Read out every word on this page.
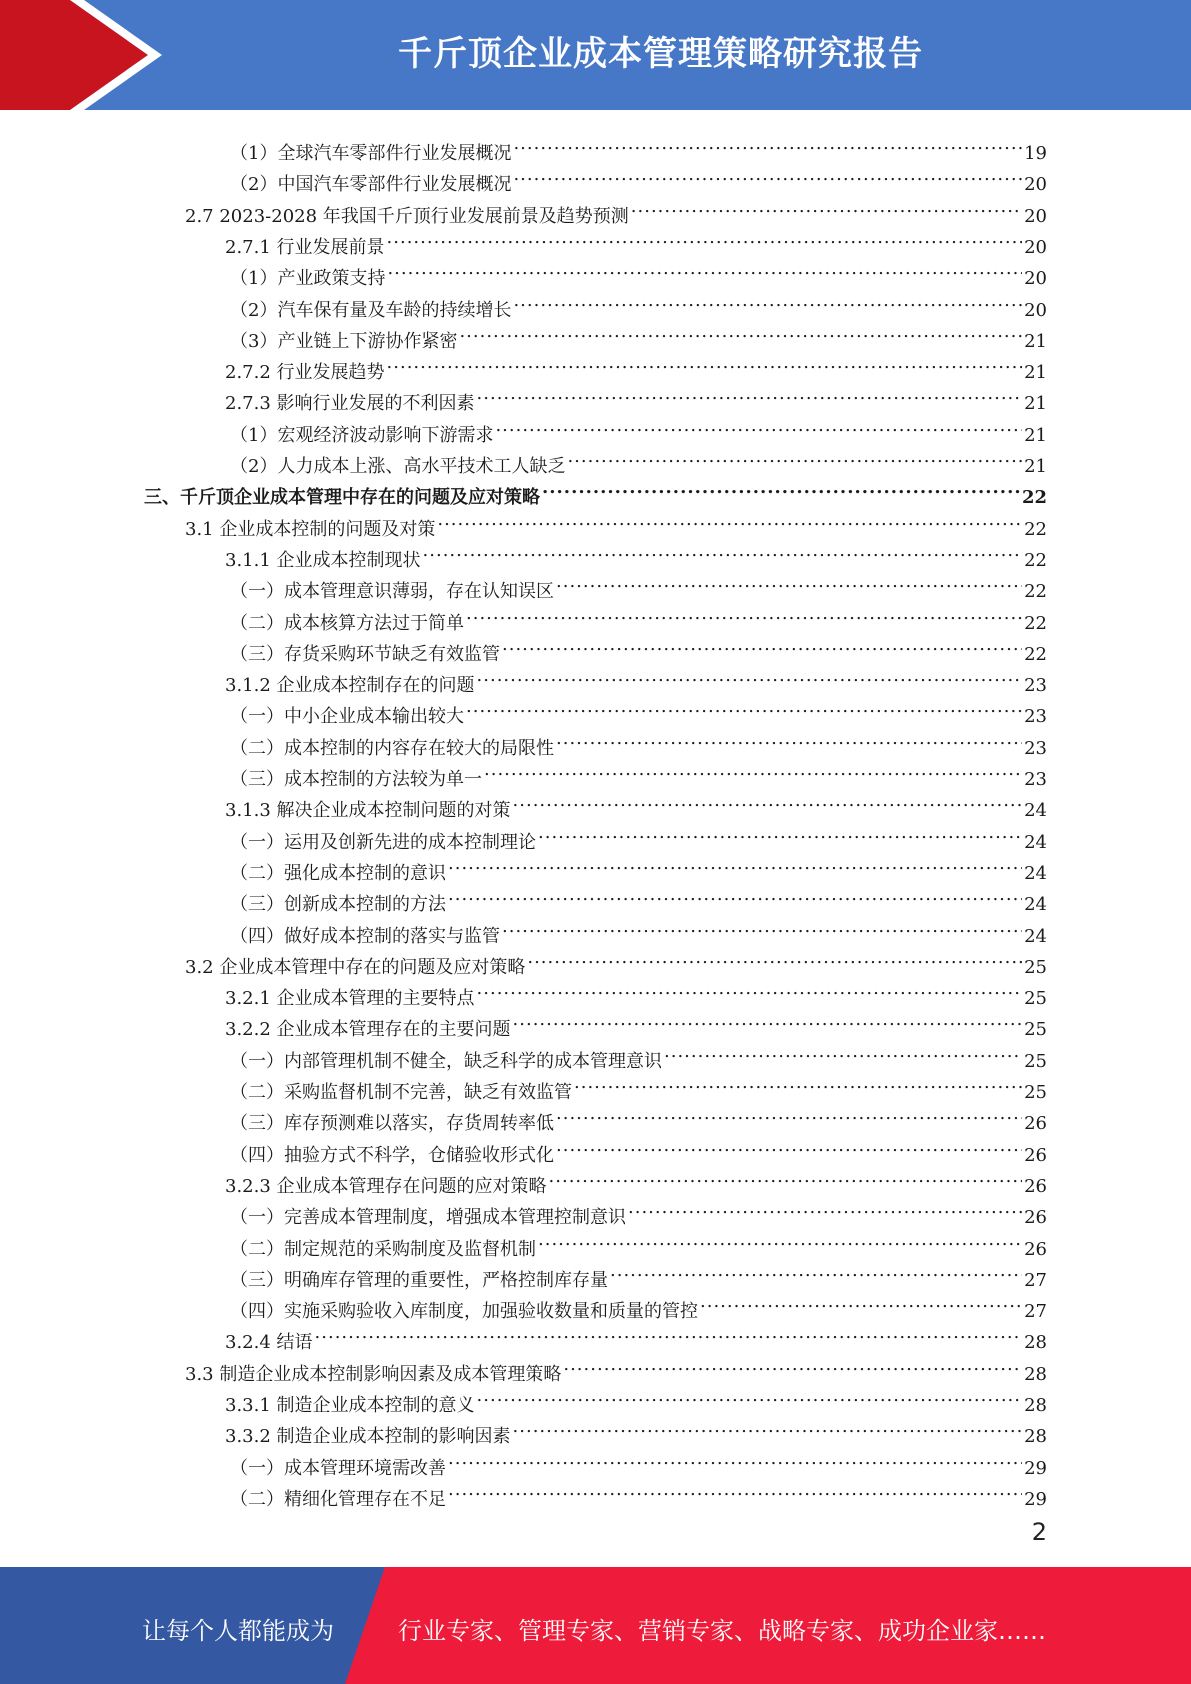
千斤顶企业成本管理策略研究报告
（1）全球汽车零部件行业发展概况 .....	19
（2）中国汽车零部件行业发展概况 .....	20
2.7 2023-2028 年我国千斤顶行业发展前景及趋势预测 .....	20
2.7.1 行业发展前景 .....	20
（1）产业政策支持 .....	20
（2）汽车保有量及车龄的持续增长 .....	20
（3）产业链上下游协作紧密 .....	21
2.7.2 行业发展趋势 .....	21
2.7.3 影响行业发展的不利因素 .....	21
（1）宏观经济波动影响下游需求 .....	21
（2）人力成本上涨、高水平技术工人缺乏 .....	21
三、千斤顶企业成本管理中存在的问题及应对策略 .....	22
3.1 企业成本控制的问题及对策 .....	22
3.1.1 企业成本控制现状 .....	22
（一）成本管理意识薄弱，存在认知误区 .....	22
（二）成本核算方法过于简单 .....	22
（三）存货采购环节缺乏有效监管 .....	22
3.1.2 企业成本控制存在的问题 .....	23
（一）中小企业成本输出较大 .....	23
（二）成本控制的内容存在较大的局限性 .....	23
（三）成本控制的方法较为单一 .....	23
3.1.3 解决企业成本控制问题的对策 .....	24
（一）运用及创新先进的成本控制理论 .....	24
（二）强化成本控制的意识 .....	24
（三）创新成本控制的方法 .....	24
（四）做好成本控制的落实与监管 .....	24
3.2 企业成本管理中存在的问题及应对策略 .....	25
3.2.1 企业成本管理的主要特点 .....	25
3.2.2 企业成本管理存在的主要问题 .....	25
（一）内部管理机制不健全，缺乏科学的成本管理意识 .....	25
（二）采购监督机制不完善，缺乏有效监管 .....	25
（三）库存预测难以落实，存货周转率低 .....	26
（四）抽验方式不科学，仓储验收形式化 .....	26
3.2.3 企业成本管理存在问题的应对策略 .....	26
（一）完善成本管理制度，增强成本管理控制意识 .....	26
（二）制定规范的采购制度及监督机制 .....	26
（三）明确库存管理的重要性，严格控制库存量 .....	27
（四）实施采购验收入库制度，加强验收数量和质量的管控 .....	27
3.2.4 结语 .....	28
3.3 制造企业成本控制影响因素及成本管理策略 .....	28
3.3.1 制造企业成本控制的意义 .....	28
3.3.2 制造企业成本控制的影响因素 .....	28
（一）成本管理环境需改善 .....	29
（二）精细化管理存在不足 .....	29
2
让每个人都能成为	行业专家、管理专家、营销专家、战略专家、成功企业家……
